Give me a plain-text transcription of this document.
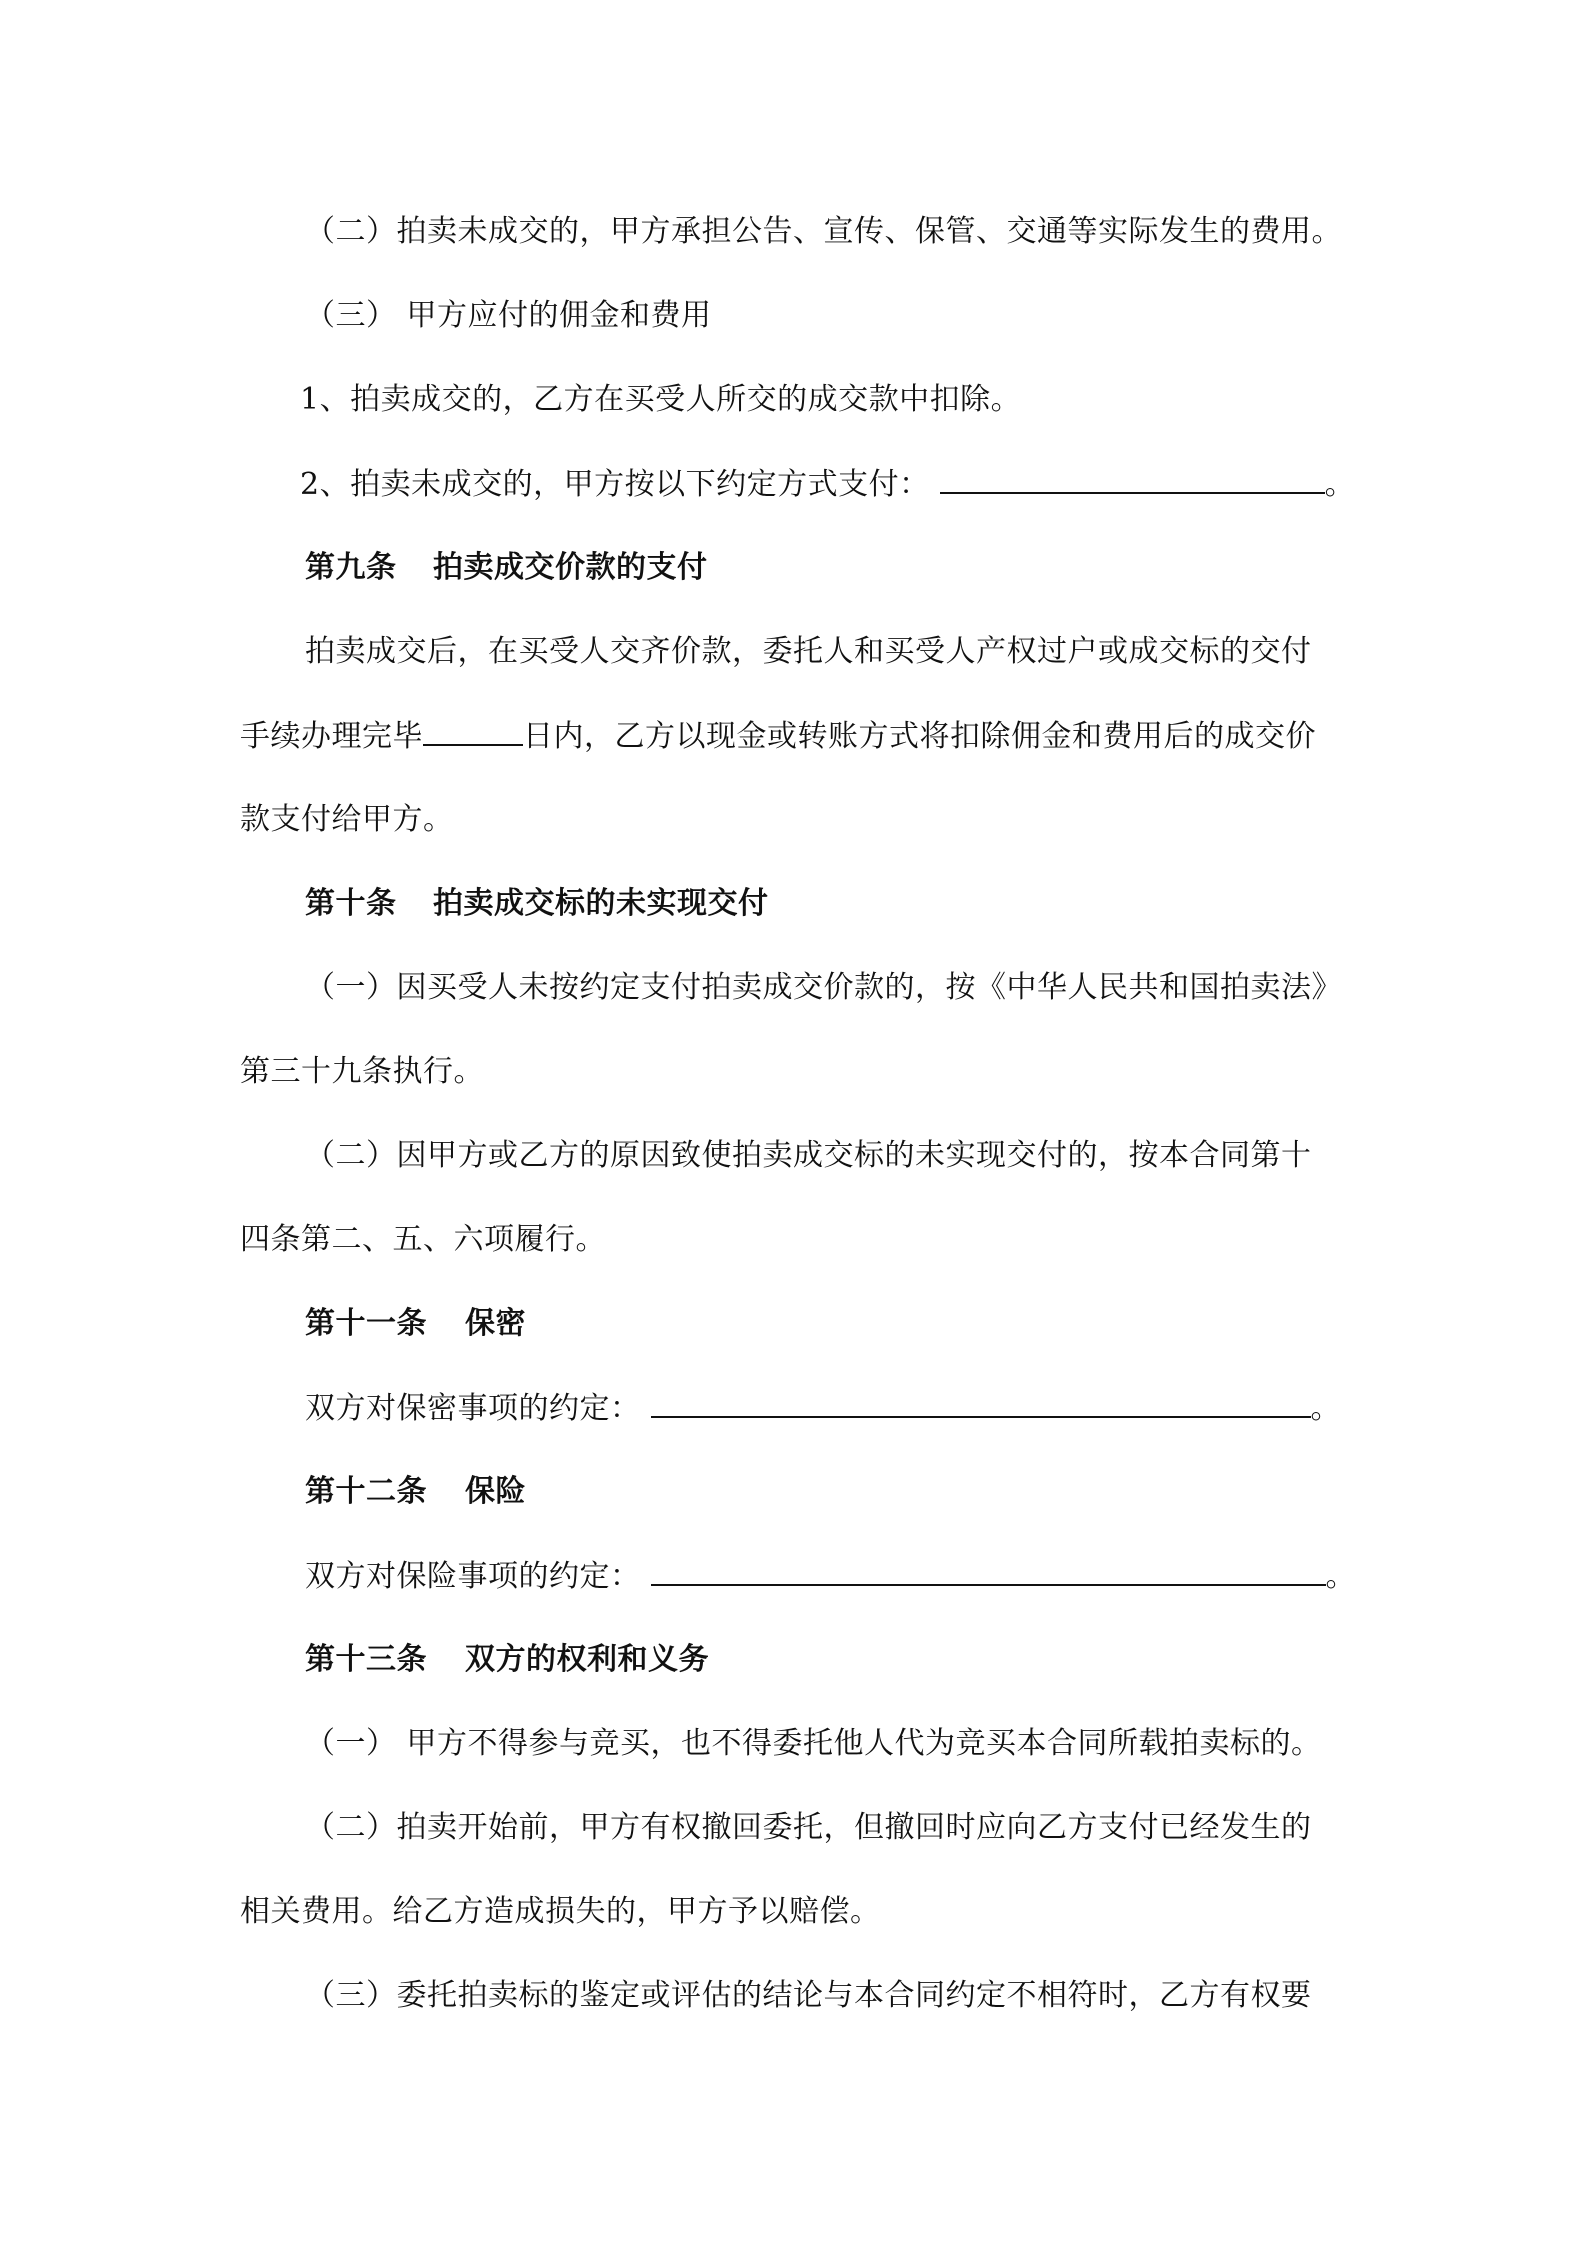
（二）拍卖未成交的，甲方承担公告、宣传、保管、交通等实际发生的费用。
（三） 甲方应付的佣金和费用
1、拍卖成交的，乙方在买受人所交的成交款中扣除。
2、拍卖未成交的，甲方按以下约定方式支付：	。
第九条 拍卖成交价款的支付
拍卖成交后，在买受人交齐价款，委托人和买受人产权过户或成交标的交付
手续办理完毕	日内，乙方以现金或转账方式将扣除佣金和费用后的成交价
款支付给甲方。
第十条 拍卖成交标的未实现交付
（一）因买受人未按约定支付拍卖成交价款的，按《中华人民共和国拍卖法》
第三十九条执行。
（二）因甲方或乙方的原因致使拍卖成交标的未实现交付的，按本合同第十
四条第二、五、六项履行。
第十一条 保密
双方对保密事项的约定：	。
第十二条 保险
双方对保险事项的约定：	。
第十三条 双方的权利和义务
（一） 甲方不得参与竞买，也不得委托他人代为竞买本合同所载拍卖标的。
（二）拍卖开始前，甲方有权撤回委托，但撤回时应向乙方支付已经发生的
相关费用。给乙方造成损失的，甲方予以赔偿。
（三）委托拍卖标的鉴定或评估的结论与本合同约定不相符时，乙方有权要
